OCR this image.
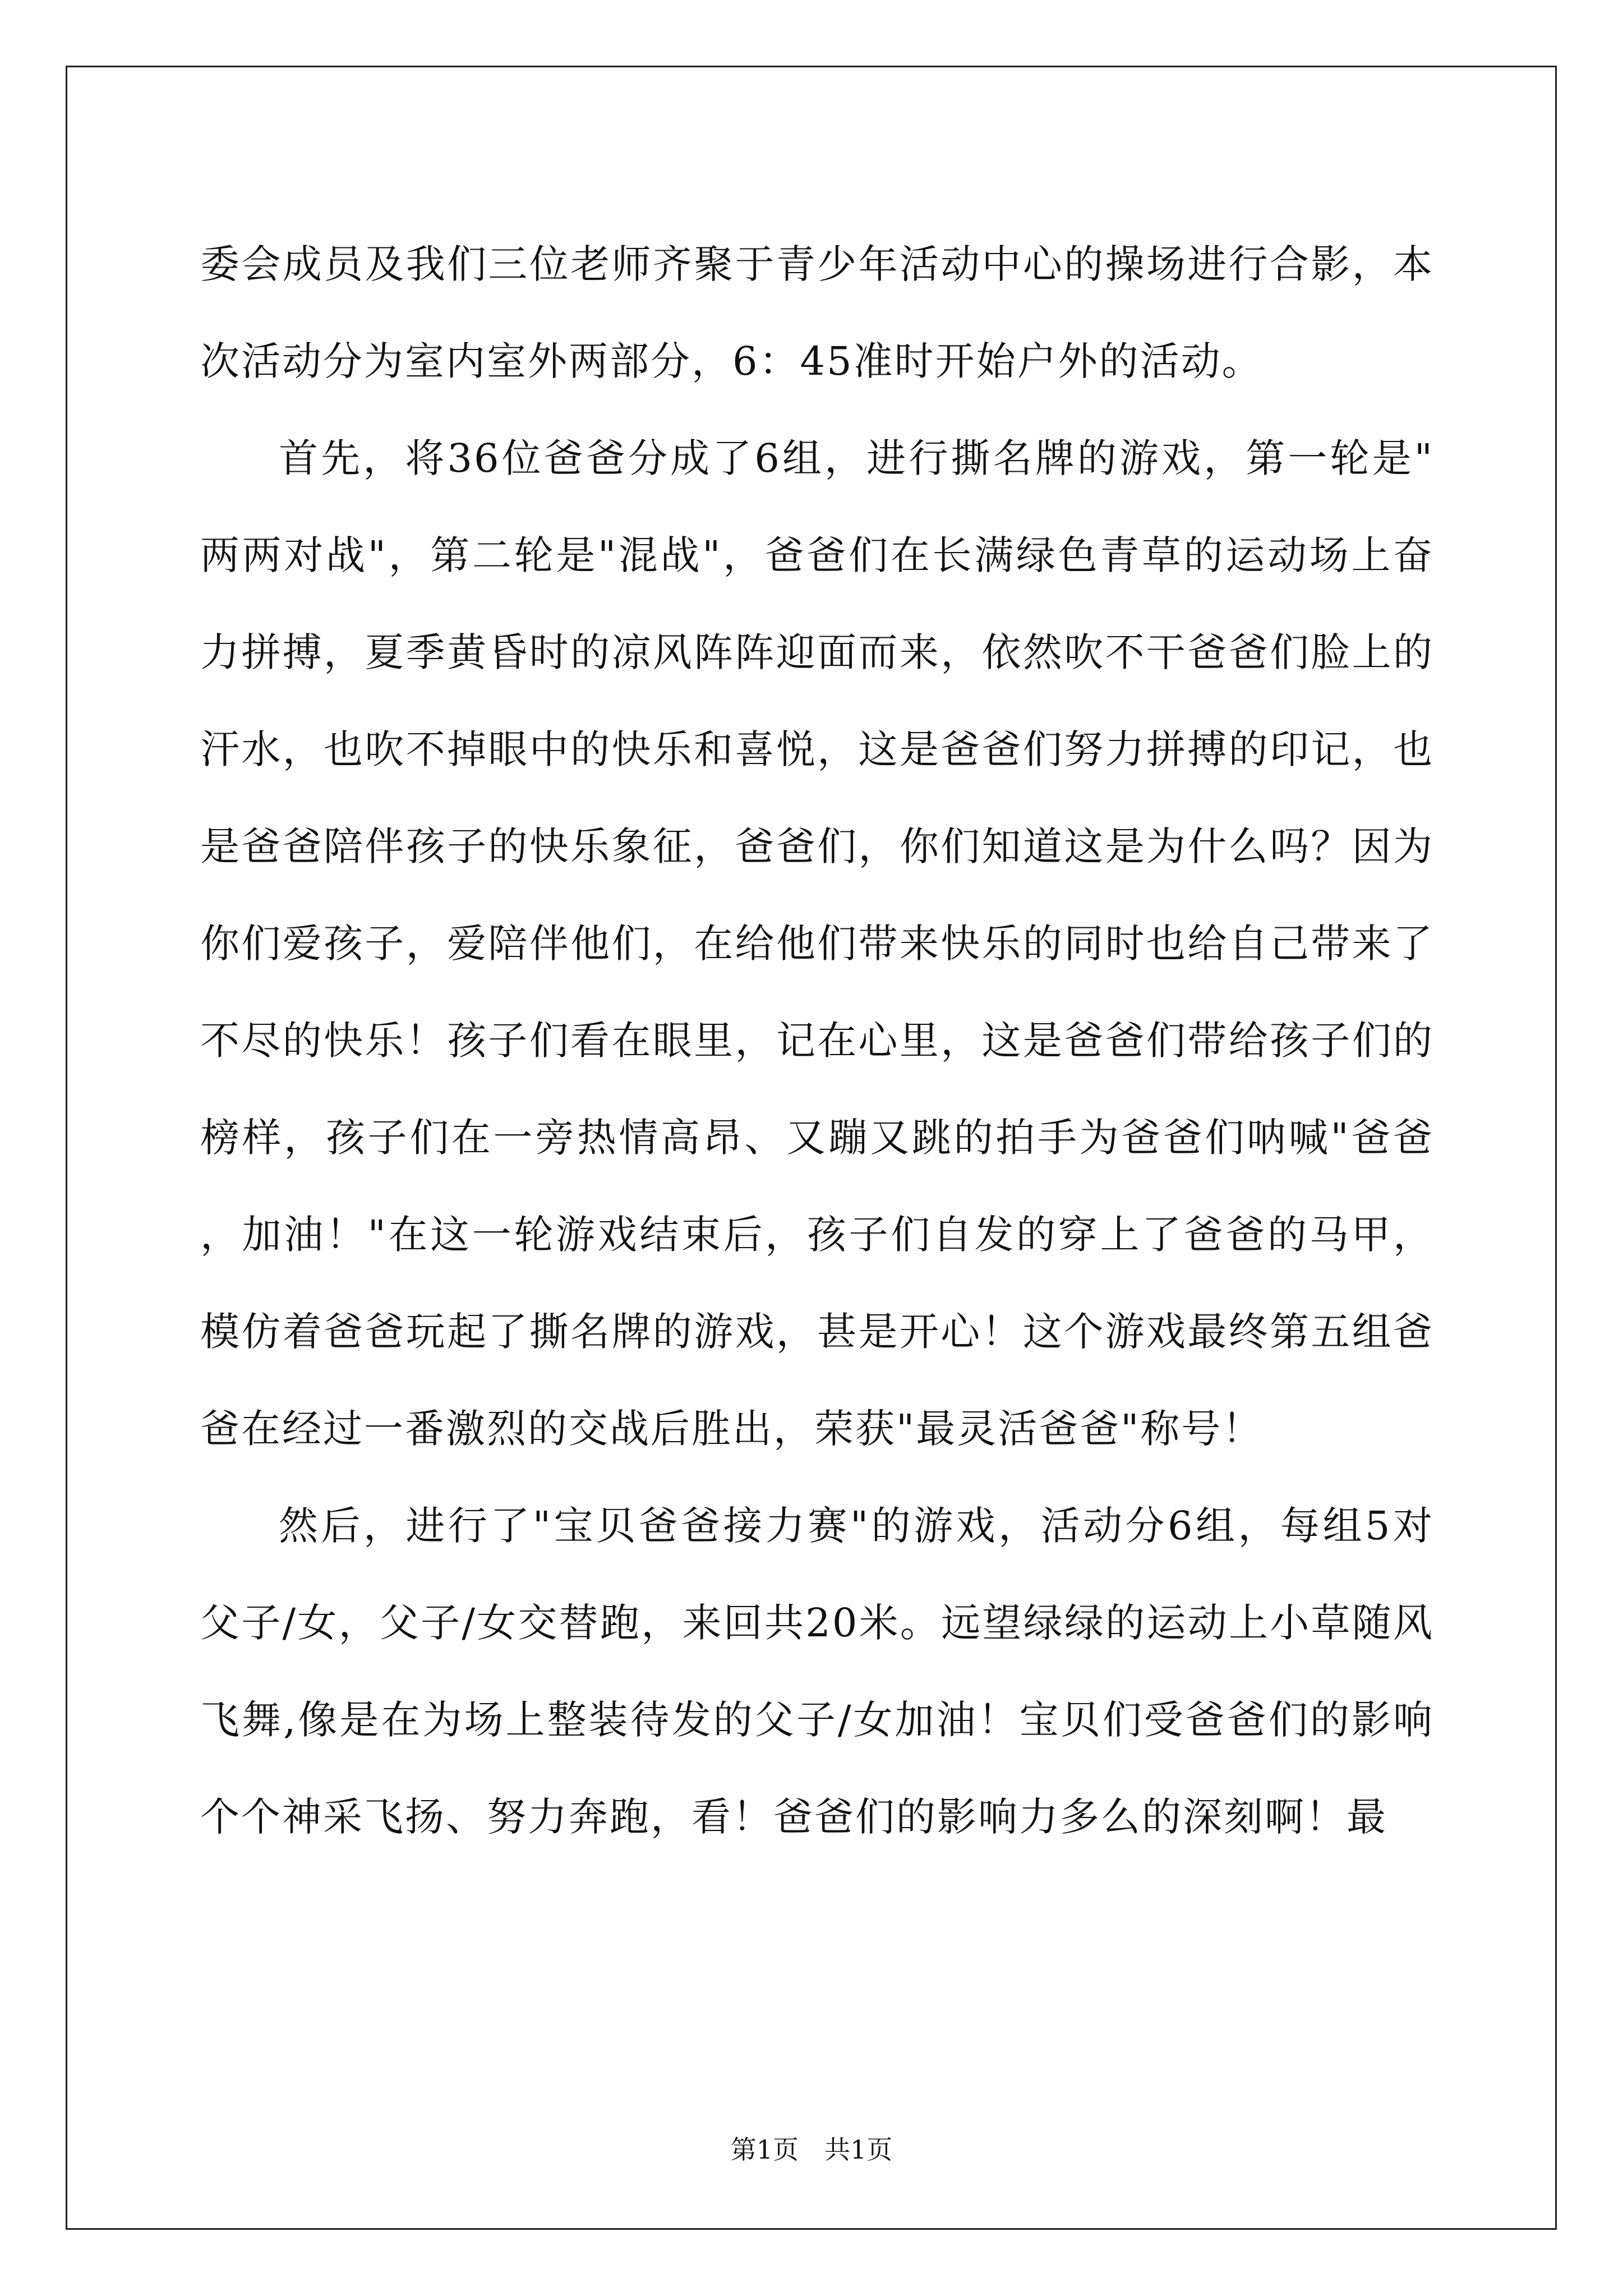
委会成员及我们三位老师齐聚于青少年活动中心的操场进行合影，本次活动分为室内室外两部分，6：45准时开始户外的活动。

首先，将36位爸爸分成了6组，进行撕名牌的游戏，第一轮是"两两对战"，第二轮是"混战"，爸爸们在长满绿色青草的运动场上奋力拼搏，夏季黄昏时的凉风阵阵迎面而来，依然吹不干爸爸们脸上的汗水，也吹不掉眼中的快乐和喜悦，这是爸爸们努力拼搏的印记，也是爸爸陪伴孩子的快乐象征，爸爸们，你们知道这是为什么吗？因为你们爱孩子，爱陪伴他们，在给他们带来快乐的同时也给自己带来了不尽的快乐！孩子们看在眼里，记在心里，这是爸爸们带给孩子们的榜样，孩子们在一旁热情高昂、又蹦又跳的拍手为爸爸们呐喊"爸爸，加油！"在这一轮游戏结束后，孩子们自发的穿上了爸爸的马甲，模仿着爸爸玩起了撕名牌的游戏，甚是开心！这个游戏最终第五组爸爸在经过一番激烈的交战后胜出，荣获"最灵活爸爸"称号！

然后，进行了"宝贝爸爸接力赛"的游戏，活动分6组，每组5对父子/女，父子/女交替跑，来回共20米。远望绿绿的运动上小草随风飞舞,像是在为场上整装待发的父子/女加油！宝贝们受爸爸们的影响个个神采飞扬、努力奔跑，看！爸爸们的影响力多么的深刻啊！最

第1页　共1页
